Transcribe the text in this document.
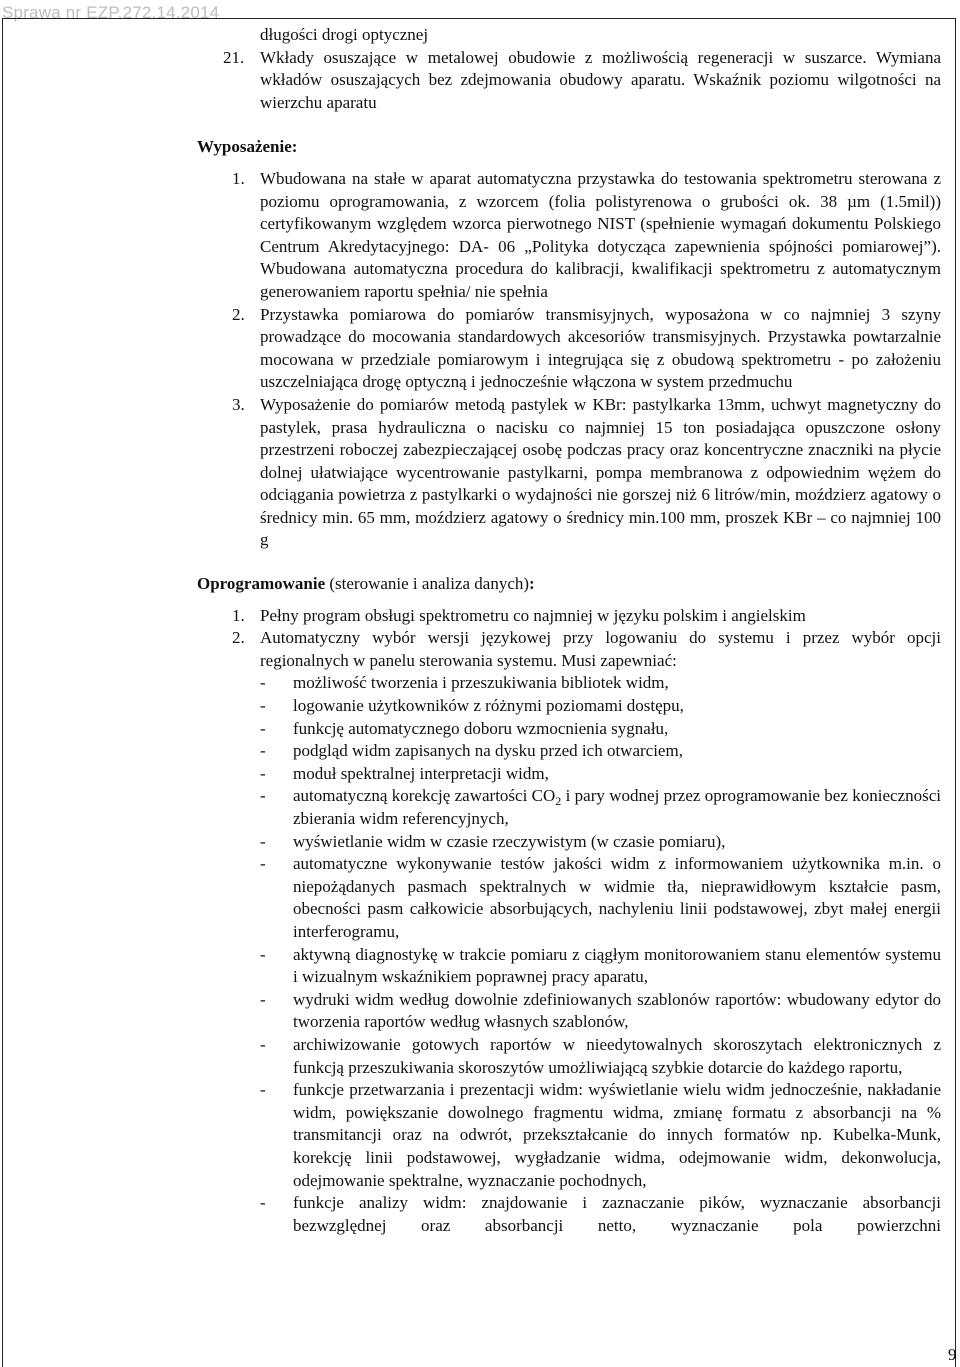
Sprawa nr EZP.272.14.2014
długości drogi optycznej
21. Wkłady osuszające w metalowej obudowie z możliwością regeneracji w suszarce. Wymiana wkładów osuszających bez zdejmowania obudowy aparatu. Wskaźnik poziomu wilgotności na wierzchu aparatu
Wyposażenie:
1. Wbudowana na stałe w aparat automatyczna przystawka do testowania spektrometru sterowana z poziomu oprogramowania, z wzorcem (folia polistyrenowa o grubości ok. 38 µm (1.5mil)) certyfikowanym względem wzorca pierwotnego NIST (spełnienie wymagań dokumentu Polskiego Centrum Akredytacyjnego: DA- 06 „Polityka dotycząca zapewnienia spójności pomiarowej”). Wbudowana automatyczna procedura do kalibracji, kwalifikacji spektrometru z automatycznym generowaniem raportu spełnia/ nie spełnia
2. Przystawka pomiarowa do pomiarów transmisyjnych, wyposażona w co najmniej 3 szyny prowadzące do mocowania standardowych akcesoriów transmisyjnych. Przystawka powtarzalnie mocowana w przedziale pomiarowym i integrująca się z obudową spektrometru - po założeniu uszczelniająca drogę optyczną i jednocześnie włączona w system przedmuchu
3. Wyposażenie do pomiarów metodą pastylek w KBr: pastylkarka 13mm, uchwyt magnetyczny do pastylek, prasa hydrauliczna o nacisku co najmniej 15 ton posiadająca opuszczone osłony przestrzeni roboczej zabezpieczającej osobę podczas pracy oraz koncentryczne znaczniki na płycie dolnej ułatwiające wycentrowanie pastylkarni, pompa membranowa z odpowiednim wężem do odciągania powietrza z pastylkarki o wydajności nie gorszej niż 6 litrów/min, moździerz agatowy o średnicy min. 65 mm, moździerz agatowy o średnicy min.100 mm, proszek KBr – co najmniej 100 g
Oprogramowanie (sterowanie i analiza danych):
1. Pełny program obsługi spektrometru co najmniej w języku polskim i angielskim
2. Automatyczny wybór wersji językowej przy logowaniu do systemu i przez wybór opcji regionalnych w panelu sterowania systemu. Musi zapewniać:
- możliwość tworzenia i przeszukiwania bibliotek widm,
- logowanie użytkowników z różnymi poziomami dostępu,
- funkcję automatycznego doboru wzmocnienia sygnału,
- podgląd widm zapisanych na dysku przed ich otwarciem,
- moduł spektralnej interpretacji widm,
- automatyczną korekcję zawartości $CO_2$ i pary wodnej przez oprogramowanie bez konieczności zbierania widm referencyjnych,
- wyświetlanie widm w czasie rzeczywistym (w czasie pomiaru),
- automatyczne wykonywanie testów jakości widm z informowaniem użytkownika m.in. o niepożądanych pasmach spektralnych w widmie tła, nieprawidłowym kształcie pasm, obecności pasm całkowicie absorbujących, nachyleniu linii podstawowej, zbyt małej energii interferogramu,
- aktywną diagnostykę w trakcie pomiaru z ciągłym monitorowaniem stanu elementów systemu i wizualnym wskaźnikiem poprawnej pracy aparatu,
- wydruki widm według dowolnie zdefiniowanych szablonów raportów: wbudowany edytor do tworzenia raportów według własnych szablonów,
- archiwizowanie gotowych raportów w nieedytowalnych skoroszytach elektronicznych z funkcją przeszukiwania skoroszytów umożliwiającą szybkie dotarcie do każdego raportu,
- funkcje przetwarzania i prezentacji widm: wyświetlanie wielu widm jednocześnie, nakładanie widm, powiększanie dowolnego fragmentu widma, zmianę formatu z absorbancji na % transmitancji oraz na odwrót, przekształcanie do innych formatów np. Kubelka-Munk, korekcję linii podstawowej, wygładzanie widma, odejmowanie widm, dekonwolucja, odejmowanie spektralne, wyznaczanie pochodnych,
- funkcje analizy widm: znajdowanie i zaznaczanie pików, wyznaczanie absorbancji bezwzględnej oraz absorbancji netto, wyznaczanie pola powierzchni
9
